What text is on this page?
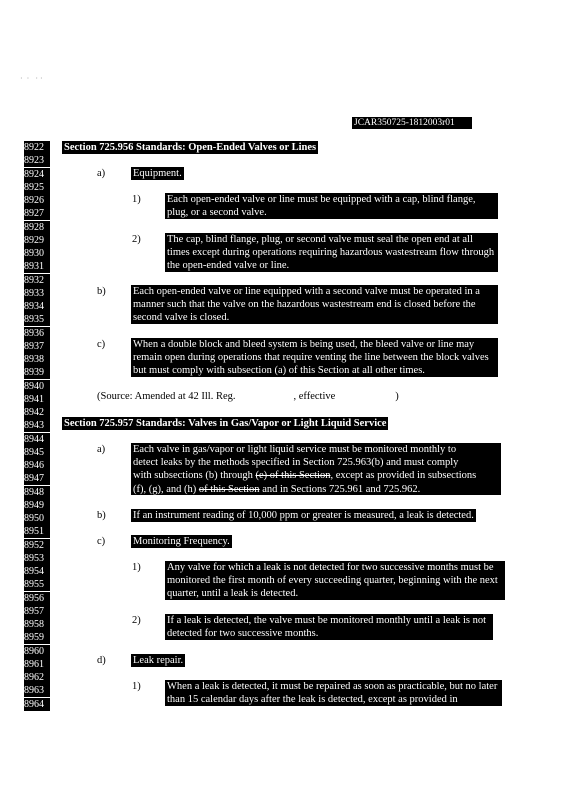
·  ·   · ·
JCAR350725-1812003r01
8922
8923
8924
8925
8926
8927
8928
8929
8930
8931
8932
8933
8934
8935
8936
8937
8938
8939
8940
8941
8942
8943
8944
8945
8946
8947
8948
8949
8950
8951
8952
8953
8954
8955
8956
8957
8958
8959
8960
8961
8962
8963
8964
Section 725.956 Standards: Open-Ended Valves or Lines
a)	Equipment.
1)	Each open-ended valve or line must be equipped with a cap, blind flange, plug, or a second valve.
2)	The cap, blind flange, plug, or second valve must seal the open end at all times except during operations requiring hazardous wastestream flow through the open-ended valve or line.
b)	Each open-ended valve or line equipped with a second valve must be operated in a manner such that the valve on the hazardous wastestream end is closed before the second valve is closed.
c)	When a double block and bleed system is being used, the bleed valve or line may remain open during operations that require venting the line between the block valves but must comply with subsection (a) of this Section at all other times.
(Source: Amended at 42 Ill. Reg.	, effective	)
Section 725.957 Standards: Valves in Gas/Vapor or Light Liquid Service
a)	Each valve in gas/vapor or light liquid service must be monitored monthly to
detect leaks by the methods specified in Section 725.963(b) and must comply
with subsections (b) through (e) of this Section, except as provided in subsections
(f), (g), and (h) of this Section and in Sections 725.961 and 725.962.
b)	If an instrument reading of 10,000 ppm or greater is measured, a leak is detected.
c)	Monitoring Frequency.
1)	Any valve for which a leak is not detected for two successive months must be monitored the first month of every succeeding quarter, beginning with the next quarter, until a leak is detected.
2)	If a leak is detected, the valve must be monitored monthly until a leak is not detected for two successive months.
d)	Leak repair.
1)	When a leak is detected, it must be repaired as soon as practicable, but no later than 15 calendar days after the leak is detected, except as provided in
